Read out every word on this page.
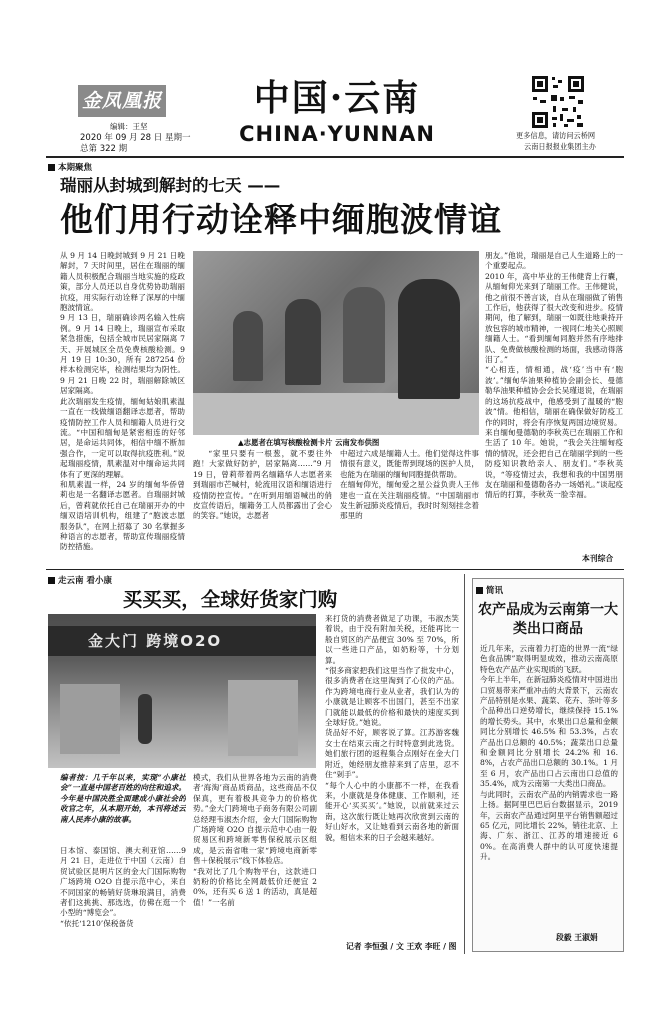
金凤凰报
编辑：王坚
2020 年 09 月 28 日 星期一
总第 322 期
中国·云南
CHINA·YUNNAN	更多信息，请访问云桥网
云南日报报业集团主办
本期聚焦
瑞丽从封城到解封的七天 ——
他们用行动诠释中缅胞波情谊
从 9 月 14 日晚封城到 9 月 21 日晚解封，7 天时间里，居住在瑞丽的缅籍人员积极配合瑞丽当地实施的疫政策，部分人员还以自身优势协助瑞丽抗疫，用实际行动诠释了深厚的中缅胞波情谊。
9 月 13 日，瑞丽确诊两名输入性病例。9 月 14 日晚上，瑞丽宣布采取紧急措施，包括全城市民居家隔离 7 天、开展城区全员免费核酸检测。9 月 19 日 10:30，所有 287254 份样本检测完毕，检测结果均为阴性。9 月 21 日晚 22 时，瑞丽解除城区居家隔离。
此次瑞丽发生疫情，缅甸姑娘肌素温一直在一线做缅语翻译志愿者，帮助疫情防控工作人员和缅籍人员进行交流。“中国和缅甸是紧密相连的好邻居，是命运共同体，相信中缅不断加强合作，一定可以取得抗疫胜利。”说起瑞丽疫情，肌素温对中缅命运共同体有了更深的理解。
和肌素温一样，24 岁的缅甸华侨曾莉也是一名翻译志愿者。自瑞丽封城后，曾莉就依托自己在瑞丽开办的中缅双语培训机构，组建了“胞波志愿服务队”，在网上招募了 30 名掌握多种语言的志愿者，帮助宣传瑞丽疫情防控措施。
▲志愿者在填写核酸检测卡片 云南发布供图
“家里只要有一根葱，就不要往外跑！大家做好防护，居家隔离……”9 月 19 日，曾莉带着两名缅籍华人志愿者来到瑞丽市芒喊村，轮流用汉语和缅语进行疫情防控宣传。“在听到用缅语喊出的俏皮宣传语后，缅籍务工人员都露出了会心的笑容。”她说，志愿者
中超过六成是缅籍人士。他们觉得这件事情很有意义，既能帮到现场的医护人员，也能为在瑞丽的缅甸同胞提供帮助。
在缅甸仰光，缅甸爱之星公益负责人王伟建也一直在关注瑞丽疫情。“中国瑞丽市发生新冠肺炎疫情后，我时时刻刻挂念着那里的
朋友。”他说，瑞丽是自己人生道路上的一个重要起点。
2010 年，高中毕业的王伟健背上行囊，从缅甸仰光来到了瑞丽工作。王伟健说，他之前很不善言谈，自从在瑞丽做了销售工作后，他获得了很大改变和进步。疫情期间，他了解到，瑞丽一如既往地秉持开放包容的城市精神，一视同仁地关心照顾缅籍人士。“看到缅甸同胞并然有序地排队、免费做核酸检测的场面，我感动得落泪了。”
“心相连，情相通，战‘疫’当中有‘胞波’。”缅甸华油果种植协会副会长、曼德勒华油果种植协会会长吴瑾退说，在瑞丽的这场抗疫战中，他感受到了温暖的“胞波”情。他相信，瑞丽在确保做好防疫工作的同时，将会有序恢复两国边境贸易。
来自缅甸曼德勒的李秋英已在瑞丽工作和生活了 10 年。她说，“我会关注缅甸疫情的情况，还会把自己在瑞丽学到的一些防疫知识教给亲人、朋友们。”李秋英说，“等疫情过去，我想和我的中国男朋友在瑞丽和曼德勒各办一场婚礼。”谈起疫情后的打算，李秋英一脸幸福。
本刊综合
走云南 看小康
买买买，全球好货家门购
金大门 跨境O2O
编者按：几千年以来，实现“小康社会”一直是中国老百姓的向往和追求。今年是中国决胜全面建成小康社会的收官之年，从本期开始，本刊将述云南人民奔小康的故事。
日本馆、泰国馆、澳大利亚馆……9 月 21 日，走进位于中国（云南）自贸试验区昆明片区的金大门国际购物广场跨境 O2O 自提示范中心，来自不同国家的畅销好货琳琅满目，消费者们这挑挑、那选选，仿佛在逛一个小型的“博览会”。
“依托‘1210’保税备货
模式，我们从世界各地为云南的消费者‘海淘’商品质商品，这些商品不仅保真，更有着极具竞争力的价格优势。”金大门跨境电子商务有限公司副总经理韦淑杰介绍，金大门国际购物广场跨境 O2O 自提示范中心由一般贸易区和跨境新零售保税展示区组成，是云南省唯一家“跨境电商新零售＋保税展示”线下体验店。
“我对比了几个购物平台，这款进口奶粉的价格比全网最低价还便宜 20%，还有买 6 送 1 的活动，真是超值！”一名前
来打货的消费者做足了功课，韦淑杰笑着说，由于没有附加关税，还能再比一般自贸区的产品便宜 30% 至 70%，所以一些进口产品，如奶粉等，十分划算。
“很多商家把我们这里当作了批发中心，很多消费者在这里淘到了心仪的产品。作为跨境电商行业从业者，我们认为的小康就是让顾客不出国门，甚至不出家门就能以最低的价格和最快的速度买到全球好货。”她说。
货品好不好，顾客说了算。江苏游客魏女士在结束云南之行时特意到此选货。她们旅行团的返程集合点刚好在金大门附近，她经朋友推荐来到了店里，忍不住“剁手”。
“每个人心中的小康都不一样，在我看来，小康就是身体健康、工作顺利，还能开心‘买买买’。”她说，以前就来过云南，这次旅行既让她再次欣赏到云南的好山好水，又让她看到云南各地的新面貌，相信未来的日子会越来越好。
记者 李恒强 / 文 王欢 李旺 / 图
简讯
农产品成为云南第一大类出口商品
近几年来，云南着力打造的世界一流“绿色食品牌”取得明显成效，推动云南高原特色农产品产业实现质的飞跃。
今年上半年，在新冠肺炎疫情对中国进出口贸易带来严重冲击的大背景下，云南农产品特别是水果、蔬菜、花卉、茶叶等多个品种出口逆势增长，继续保持 15.1% 的增长势头。其中，水果出口总量和金额同比分别增长 46.5% 和 53.3%，占农产品出口总额的 40.5%；蔬菜出口总量和金额同比分别增长 24.2% 和 16.8%，占农产品出口总额的 30.1%。1 月至 6 月，农产品出口占云南出口总值的 35.4%，成为云南第一大类出口商品。
与此同时，云南农产品的内销需求也一路上扬。据阿里巴巴后台数据显示，2019 年，云南农产品通过阿里平台销售额超过 65 亿元，同比增长 22%，销往北京、上海、广东、浙江、江苏的增速接近 60%。在高消费人群中的认可度快速提升。
段毅 王淑娟
